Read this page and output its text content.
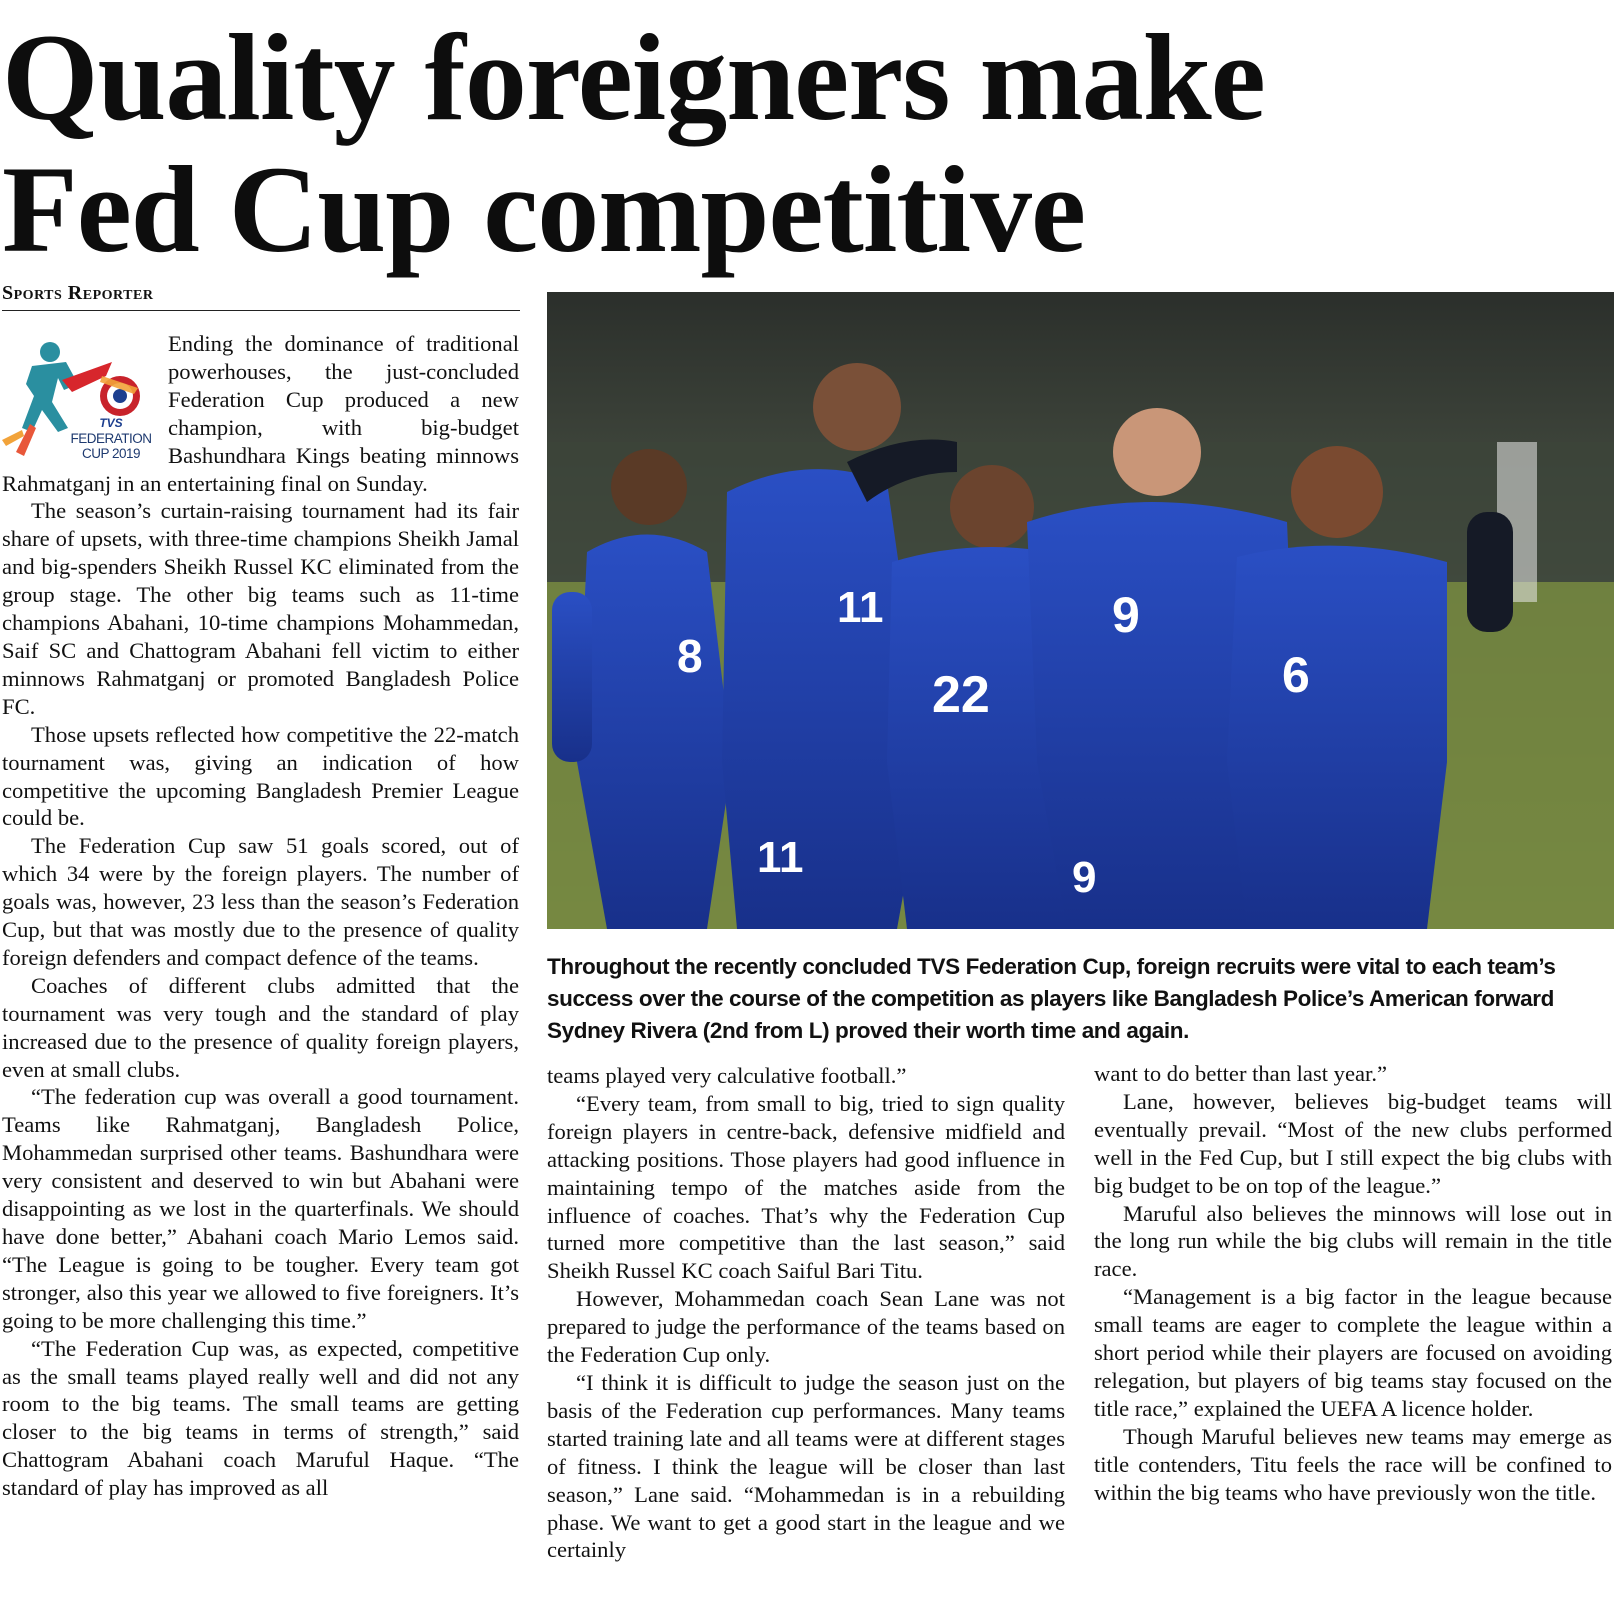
Quality foreigners make
Fed Cup competitive
Sports Reporter
TVS
FEDERATION
CUP 2019

Ending the dominance of traditional powerhouses, the just-concluded Federation Cup produced a new champion, with big-budget Bashundhara Kings beating minnows Rahmatganj in an entertaining final on Sunday.

The season’s curtain-raising tournament had its fair share of upsets, with three-time champions Sheikh Jamal and big-spenders Sheikh Russel KC eliminated from the group stage. The other big teams such as 11-time champions Abahani, 10-time champions Mohammedan, Saif SC and Chattogram Abahani fell victim to either minnows Rahmatganj or promoted Bangladesh Police FC.

Those upsets reflected how competitive the 22-match tournament was, giving an indication of how competitive the upcoming Bangladesh Premier League could be.

The Federation Cup saw 51 goals scored, out of which 34 were by the foreign players. The number of goals was, however, 23 less than the season’s Federation Cup, but that was mostly due to the presence of quality foreign defenders and compact defence of the teams.

Coaches of different clubs admitted that the tournament was very tough and the standard of play increased due to the presence of quality foreign players, even at small clubs.

“The federation cup was overall a good tournament. Teams like Rahmatganj, Bangladesh Police, Mohammedan surprised other teams. Bashundhara were very consistent and deserved to win but Abahani were disappointing as we lost in the quarterfinals. We should have done better,” Abahani coach Mario Lemos said. “The League is going to be tougher. Every team got stronger, also this year we allowed to five foreigners. It’s going to be more challenging this time.”

“The Federation Cup was, as expected, competitive as the small teams played really well and did not any room to the big teams. The small teams are getting closer to the big teams in terms of strength,” said Chattogram Abahani coach Maruful Haque. “The standard of play has improved as all

8
11
11
22
9
9
6
Throughout the recently concluded TVS Federation Cup, foreign recruits were vital to each team’s success over the course of the competition as players like Bangladesh Police’s American forward Sydney Rivera (2nd from L) proved their worth time and again.

teams played very calculative football.”

“Every team, from small to big, tried to sign quality foreign players in centre-back, defensive midfield and attacking positions. Those players had good influence in maintaining tempo of the matches aside from the influence of coaches. That’s why the Federation Cup turned more competitive than the last season,” said Sheikh Russel KC coach Saiful Bari Titu.

However, Mohammedan coach Sean Lane was not prepared to judge the performance of the teams based on the Federation Cup only.

“I think it is difficult to judge the season just on the basis of the Federation cup performances. Many teams started training late and all teams were at different stages of fitness. I think the league will be closer than last season,” Lane said. “Mohammedan is in a rebuilding phase. We want to get a good start in the league and we certainly

want to do better than last year.”

Lane, however, believes big-budget teams will eventually prevail. “Most of the new clubs performed well in the Fed Cup, but I still expect the big clubs with big budget to be on top of the league.”

Maruful also believes the minnows will lose out in the long run while the big clubs will remain in the title race.

“Management is a big factor in the league because small teams are eager to complete the league within a short period while their players are focused on avoiding relegation, but players of big teams stay focused on the title race,” explained the UEFA A licence holder.

Though Maruful believes new teams may emerge as title contenders, Titu feels the race will be confined to within the big teams who have previously won the title.
